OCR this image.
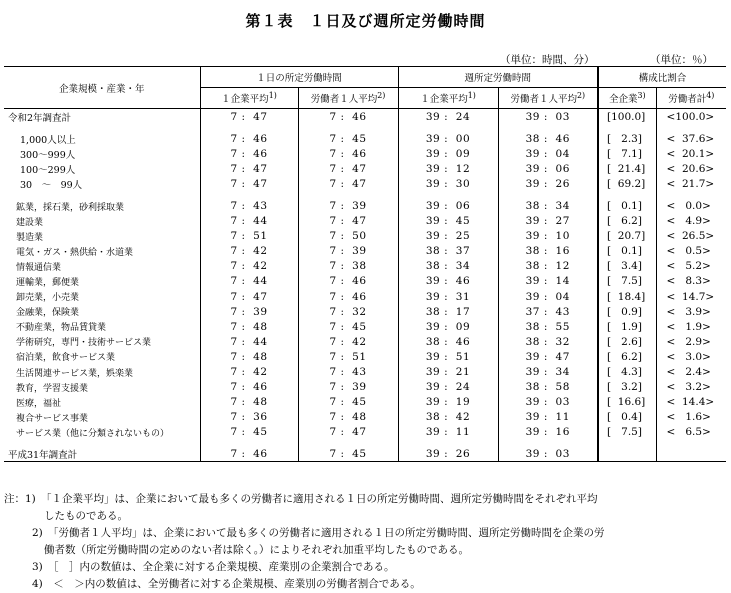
第１表　１日及び週所定労働時間
（単位：時間、分）	（単位：％）
企業規模・産業・年	１日の所定労働時間		週所定労働時間		構成比割合	
	１企業平均$^{1)}$	労働者１人平均$^{2)}$	１企業平均$^{1)}$	労働者１人平均$^{2)}$	全企業$^{3)}$	労働者計$^{4)}$
令和2年調査計	7 :  47	7 :  46	39 :  24	39 :  03	[100.0]	<100.0>

1,000人以上	7 :  46	7 :  45	39 :  00	38 :  46	[   2.3]	<  37.6>
300～999人	7 :  46	7 :  46	39 :  09	39 :  04	[   7.1]	<  20.1>
100～299人	7 :  47	7 :  47	39 :  12	39 :  06	[  21.4]	<  20.6>
30　～　99人	7 :  47	7 :  47	39 :  30	39 :  26	[  69.2]	<  21.7>

鉱業，採石業，砂利採取業	7 :  43	7 :  39	39 :  06	38 :  34	[   0.1]	<   0.0>
建設業	7 :  44	7 :  47	39 :  45	39 :  27	[   6.2]	<   4.9>
製造業	7 :  51	7 :  50	39 :  25	39 :  10	[  20.7]	<  26.5>
電気・ガス・熱供給・水道業	7 :  42	7 :  39	38 :  37	38 :  16	[   0.1]	<   0.5>
情報通信業	7 :  42	7 :  38	38 :  34	38 :  12	[   3.4]	<   5.2>
運輸業，郵便業	7 :  44	7 :  46	39 :  46	39 :  14	[   7.5]	<   8.3>
卸売業，小売業	7 :  47	7 :  46	39 :  31	39 :  04	[  18.4]	<  14.7>
金融業，保険業	7 :  39	7 :  32	38 :  17	37 :  43	[   0.9]	<   3.9>
不動産業，物品賃貸業	7 :  48	7 :  45	39 :  09	38 :  55	[   1.9]	<   1.9>
学術研究，専門・技術サービス業	7 :  44	7 :  42	38 :  46	38 :  32	[   2.6]	<   2.9>
宿泊業，飲食サービス業	7 :  48	7 :  51	39 :  51	39 :  47	[   6.2]	<   3.0>
生活関連サービス業，娯楽業	7 :  42	7 :  43	39 :  21	39 :  34	[   4.3]	<   2.4>
教育，学習支援業	7 :  46	7 :  39	39 :  24	38 :  58	[   3.2]	<   3.2>
医療，福祉	7 :  48	7 :  45	39 :  19	39 :  03	[  16.6]	<  14.4>
複合サービス事業	7 :  36	7 :  48	38 :  42	39 :  11	[   0.4]	<   1.6>
サービス業（他に分類されないもの）	7 :  45	7 :  47	39 :  11	39 :  16	[   7.5]	<   6.5>

平成31年調査計	7 :  46	7 :  45	39 :  26	39 :  03		
注：1)　 「１企業平均」は、企業において最も多くの労働者に適用される１日の所定労働時間、週所定労働時間をそれぞれ平均
したものである。
2)　 「労働者１人平均」は、企業において最も多くの労働者に適用される１日の所定労働時間、週所定労働時間を企業の労
働者数（所定労働時間の定めのない者は除く。）によりそれぞれ加重平均したものである。
3)　 ［　］内の数値は、全企業に対する企業規模、産業別の企業割合である。
4)　 ＜　＞内の数値は、全労働者に対する企業規模、産業別の労働者割合である。
